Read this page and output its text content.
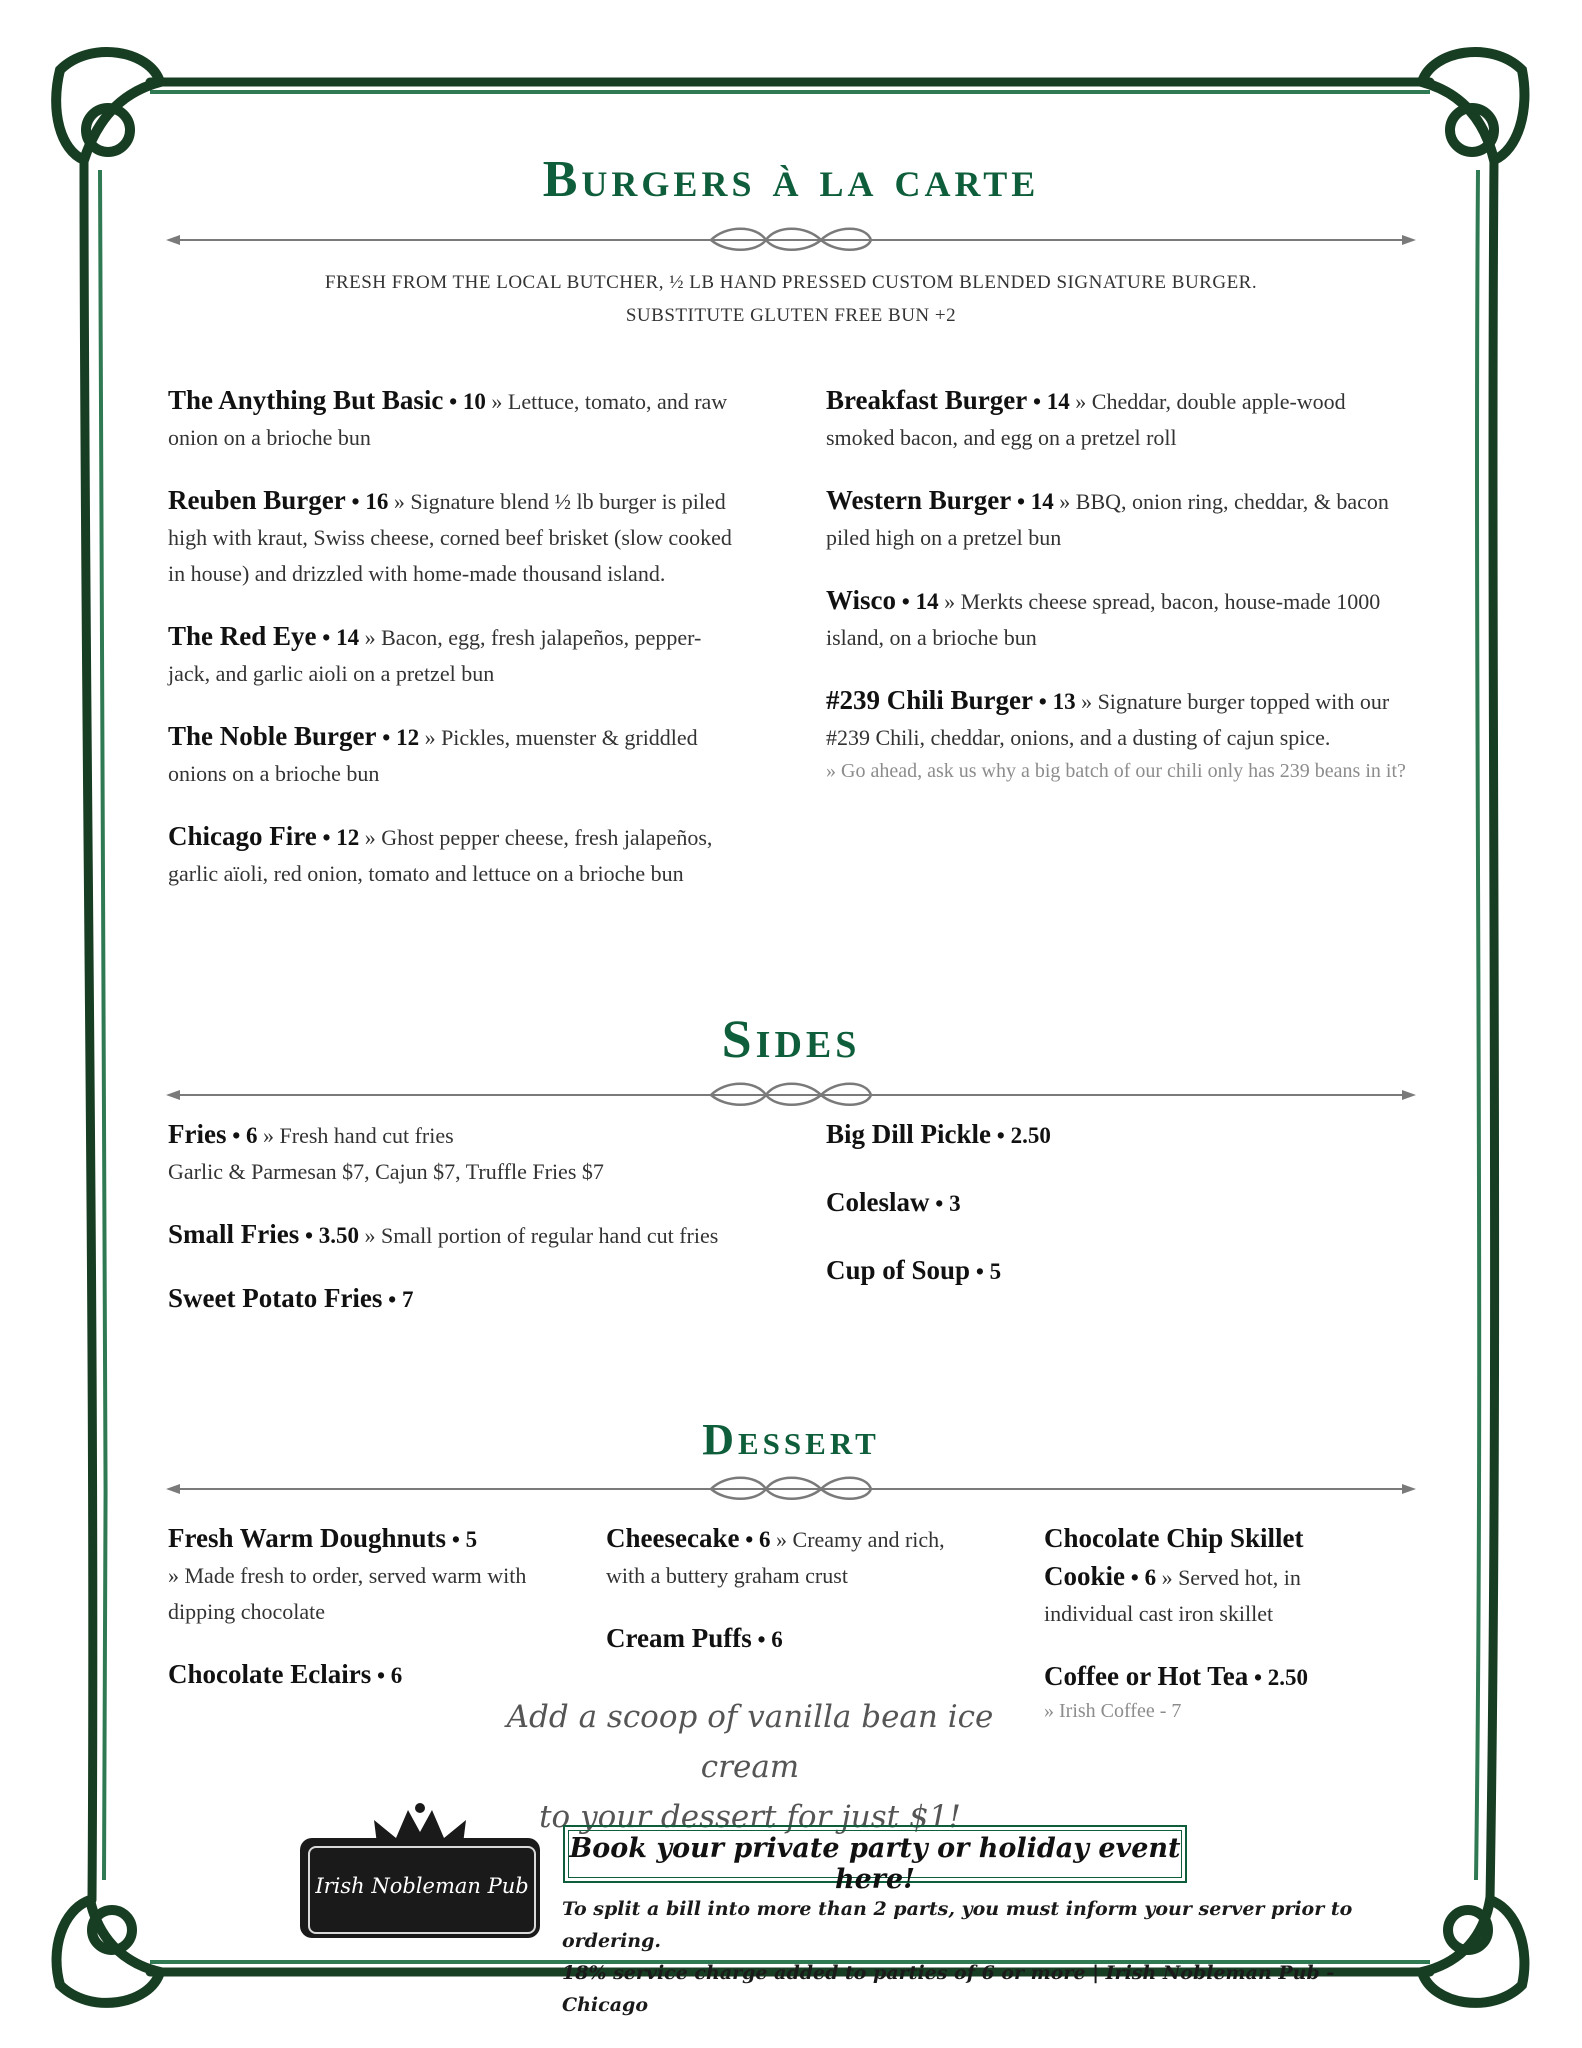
Burgers à la carte
FRESH FROM THE LOCAL BUTCHER, ½ LB HAND PRESSED CUSTOM BLENDED SIGNATURE BURGER.
SUBSTITUTE GLUTEN FREE BUN +2
The Anything But Basic • 10 » Lettuce, tomato, and raw onion on a brioche bun
Reuben Burger • 16 » Signature blend ½ lb burger is piled high with kraut, Swiss cheese, corned beef brisket (slow cooked in house) and drizzled with home-made thousand island.
The Red Eye • 14 » Bacon, egg, fresh jalapeños, pepper-jack, and garlic aioli on a pretzel bun
The Noble Burger • 12 » Pickles, muenster & griddled onions on a brioche bun
Chicago Fire • 12 » Ghost pepper cheese, fresh jalapeños, garlic aïoli, red onion, tomato and lettuce on a brioche bun
Breakfast Burger • 14 » Cheddar, double apple-wood smoked bacon, and egg on a pretzel roll
Western Burger • 14 » BBQ, onion ring, cheddar, & bacon piled high on a pretzel bun
Wisco • 14 » Merkts cheese spread, bacon, house-made 1000 island, on a brioche bun
#239 Chili Burger • 13 » Signature burger topped with our #239 Chili, cheddar, onions, and a dusting of cajun spice.
» Go ahead, ask us why a big batch of our chili only has 239 beans in it?
Sides
Fries • 6 » Fresh hand cut fries
Garlic & Parmesan $7, Cajun $7, Truffle Fries $7
Small Fries • 3.50 » Small portion of regular hand cut fries
Sweet Potato Fries • 7
Big Dill Pickle • 2.50
Coleslaw • 3
Cup of Soup • 5
Dessert
Fresh Warm Doughnuts • 5
» Made fresh to order, served warm with dipping chocolate
Chocolate Eclairs • 6
Cheesecake • 6 » Creamy and rich, with a buttery graham crust
Cream Puffs • 6
Chocolate Chip Skillet Cookie • 6 » Served hot, in individual cast iron skillet
Coffee or Hot Tea • 2.50
» Irish Coffee - 7
Add a scoop of vanilla bean ice cream
to your dessert for just $1!
Irish Nobleman Pub
Book your private party or holiday event here!
To split a bill into more than 2 parts, you must inform your server prior to ordering.
18% service charge added to parties of 6 or more | Irish Nobleman Pub - Chicago
